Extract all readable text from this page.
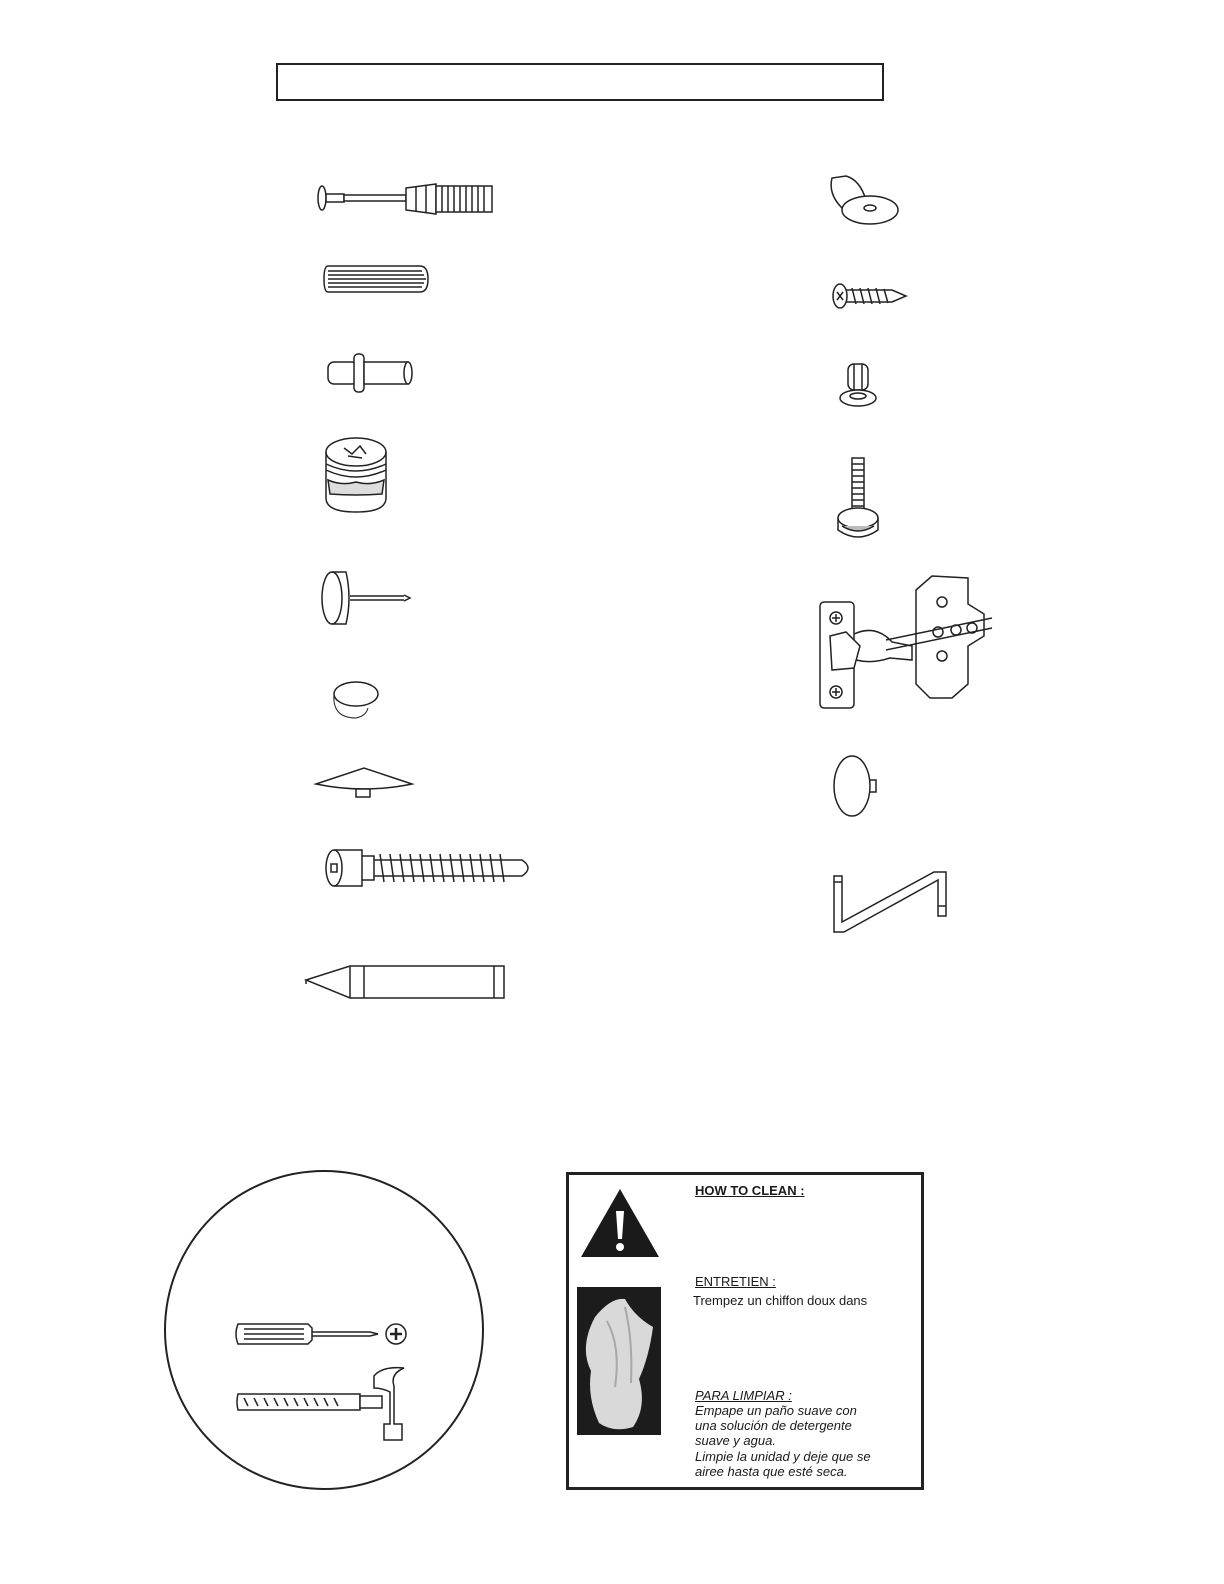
HOW TO CLEAN :
ENTRETIEN :
Trempez un chiffon doux dans
PARA LIMPIAR :
Empape un paño suave con
una solución de detergente
suave y agua.
Limpie la unidad y deje que se
airee hasta que esté seca.
